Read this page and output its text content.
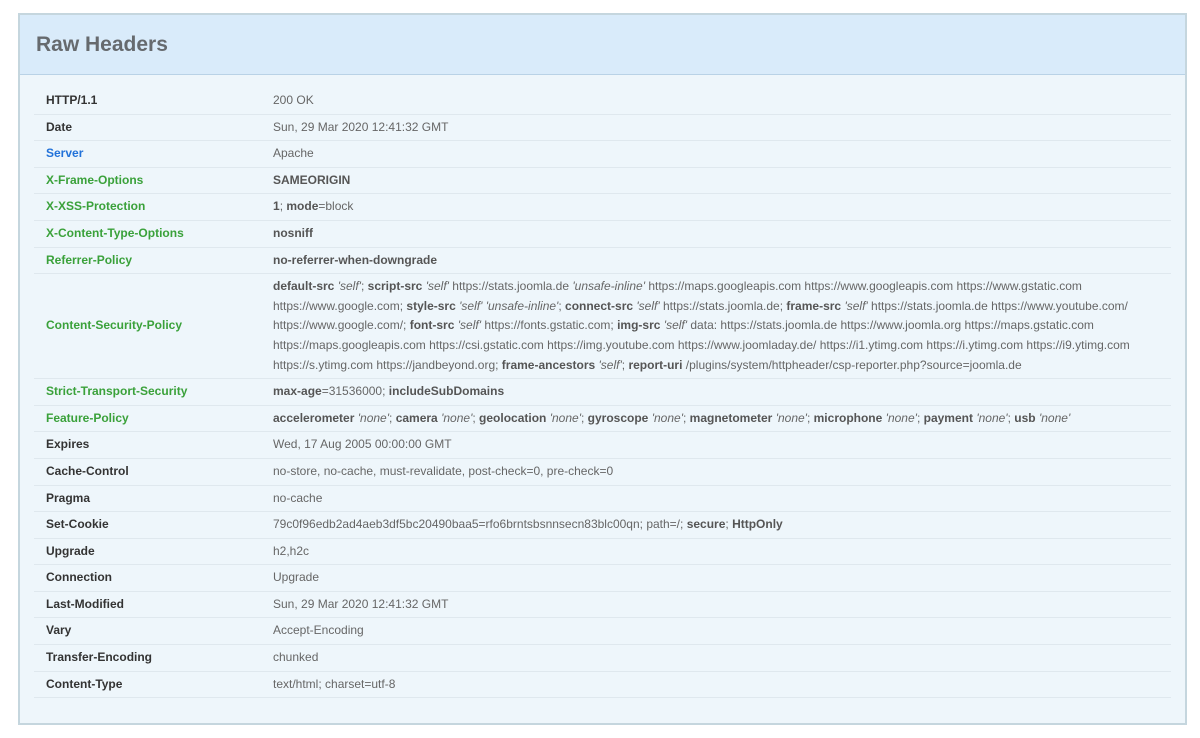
Raw Headers
HTTP/1.1	200 OK
Date	Sun, 29 Mar 2020 12:41:32 GMT
Server	Apache
X-Frame-Options	SAMEORIGIN
X-XSS-Protection	1; mode=block
X-Content-Type-Options	nosniff
Referrer-Policy	no-referrer-when-downgrade
Content-Security-Policy	default-src 'self'; script-src 'self' https://stats.joomla.de 'unsafe-inline' https://maps.googleapis.com https://www.googleapis.com https://www.gstatic.com https://www.google.com; style-src 'self' 'unsafe-inline'; connect-src 'self' https://stats.joomla.de; frame-src 'self' https://stats.joomla.de https://www.youtube.com/ https://www.google.com/; font-src 'self' https://fonts.gstatic.com; img-src 'self' data: https://stats.joomla.de https://www.joomla.org https://maps.gstatic.com https://maps.googleapis.com https://csi.gstatic.com https://img.youtube.com https://www.joomladay.de/ https://i1.ytimg.com https://i.ytimg.com https://i9.ytimg.com https://s.ytimg.com https://jandbeyond.org; frame-ancestors 'self'; report-uri /plugins/system/httpheader/csp-reporter.php?source=joomla.de
Strict-Transport-Security	max-age=31536000; includeSubDomains
Feature-Policy	accelerometer 'none'; camera 'none'; geolocation 'none'; gyroscope 'none'; magnetometer 'none'; microphone 'none'; payment 'none'; usb 'none'
Expires	Wed, 17 Aug 2005 00:00:00 GMT
Cache-Control	no-store, no-cache, must-revalidate, post-check=0, pre-check=0
Pragma	no-cache
Set-Cookie	79c0f96edb2ad4aeb3df5bc20490baa5=rfo6brntsbsnnsecn83blc00qn; path=/; secure; HttpOnly
Upgrade	h2,h2c
Connection	Upgrade
Last-Modified	Sun, 29 Mar 2020 12:41:32 GMT
Vary	Accept-Encoding
Transfer-Encoding	chunked
Content-Type	text/html; charset=utf-8
